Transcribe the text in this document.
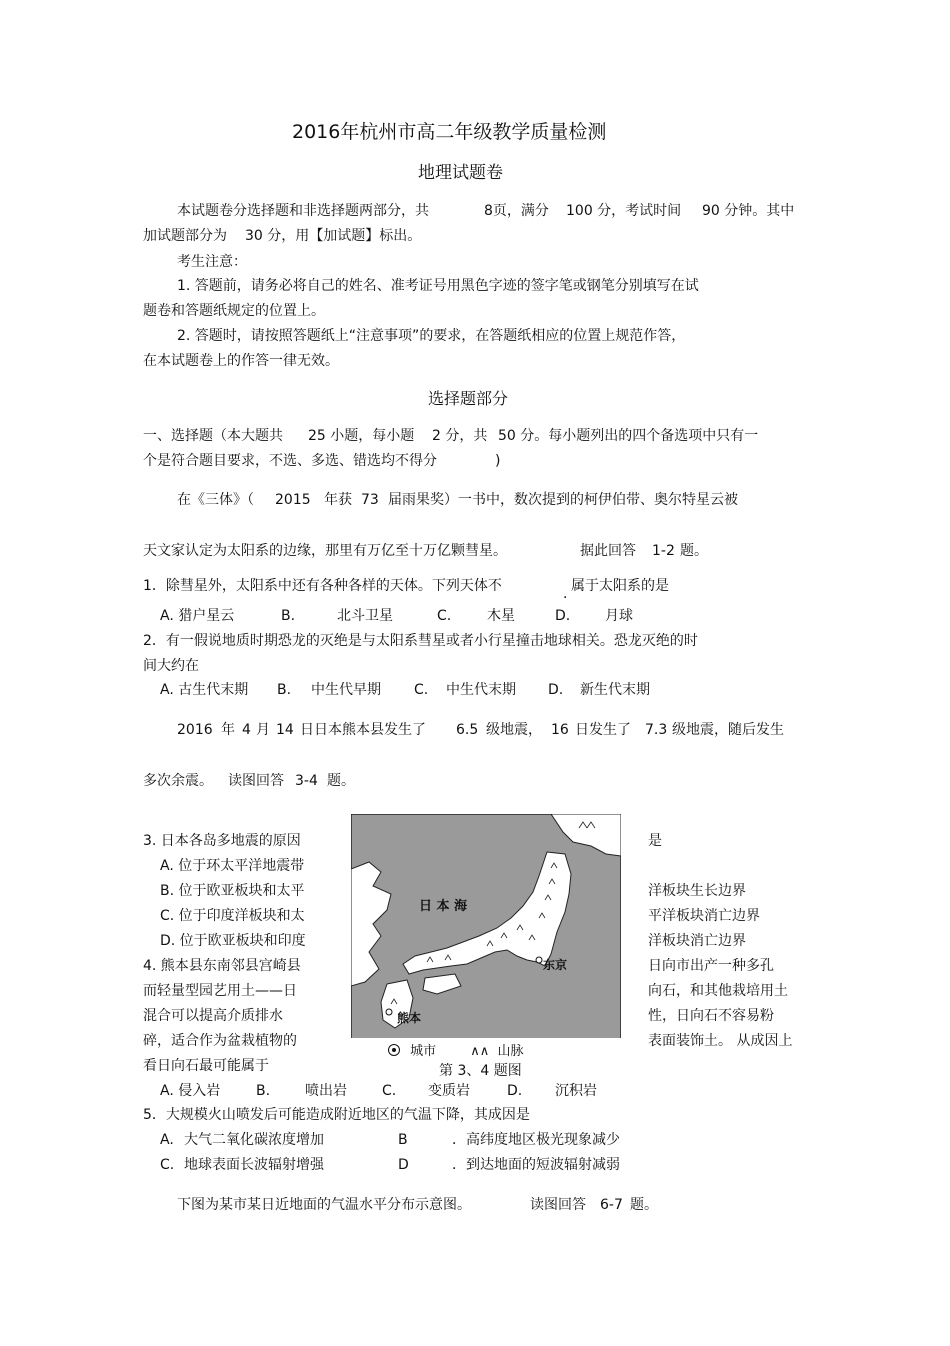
2016年杭州市高二年级教学质量检测
地理试题卷
本试题卷分选择题和非选择题两部分，共	8页，满分 100 分，考试时间 90 分钟。其中
加试题部分为 30 分，用【加试题】标出。
考生注意：
1. 答题前，请务必将自己的姓名、准考证号用黑色字迹的签字笔或钢笔分别填写在试
题卷和答题纸规定的位置上。
2. 答题时，请按照答题纸上“注意事项”的要求，在答题纸相应的位置上规范作答，
在本试题卷上的作答一律无效。
选择题部分
一、选择题（本大题共 25 小题，每小题 2 分，共 50 分。每小题列出的四个备选项中只有一
个是符合题目要求，不选、多选、错选均不得分	)
在《三体》（ 2015 年获 73 届雨果奖）一书中，数次提到的柯伊伯带、奥尔特星云被
天文家认定为太阳系的边缘，那里有万亿至十万亿颗彗星。	据此回答 1-2 题。
1．除彗星外，太阳系中还有各种各样的天体。下列天体不	. 属于太阳系的是
A. 猎户星云	B.	北斗卫星	C.	木星	D. 月球
2．有一假说地质时期恐龙的灭绝是与太阳系彗星或者小行星撞击地球相关。恐龙灭绝的时
间大约在
A. 古生代末期 B. 中生代早期 C. 中生代末期 D. 新生代末期
2016 年 4 月 14 日日本熊本县发生了 6.5 级地震， 16 日发生了 7.3 级地震，随后发生
多次余震。 读图回答 3-4 题。
3. 日本各岛多地震的原因	是
A. 位于环太平洋地震带
B. 位于欧亚板块和太平	洋板块生长边界
C. 位于印度洋板块和太	平洋板块消亡边界
D. 位于欧亚板块和印度	洋板块消亡边界
4. 熊本县东南邻县宫崎县	日向市出产一种多孔
而轻量型园艺用土——日	向石，和其他栽培用土
混合可以提高介质排水	性，日向石不容易粉
碎，适合作为盆栽植物的	表面装饰土。 从成因上
看日向石最可能属于
A. 侵入岩	B. 喷出岩	C. 变质岩	D. 沉积岩
日 本 海
东京
熊本
城市	∧∧ 山脉
第 3、4 题图
5．大规模火山喷发后可能造成附近地区的气温下降，其成因是
A. 大气二氧化碳浓度增加	B	．高纬度地区极光现象减少
C. 地球表面长波辐射增强	D	．到达地面的短波辐射减弱
下图为某市某日近地面的气温水平分布示意图。	读图回答 6-7 题。
